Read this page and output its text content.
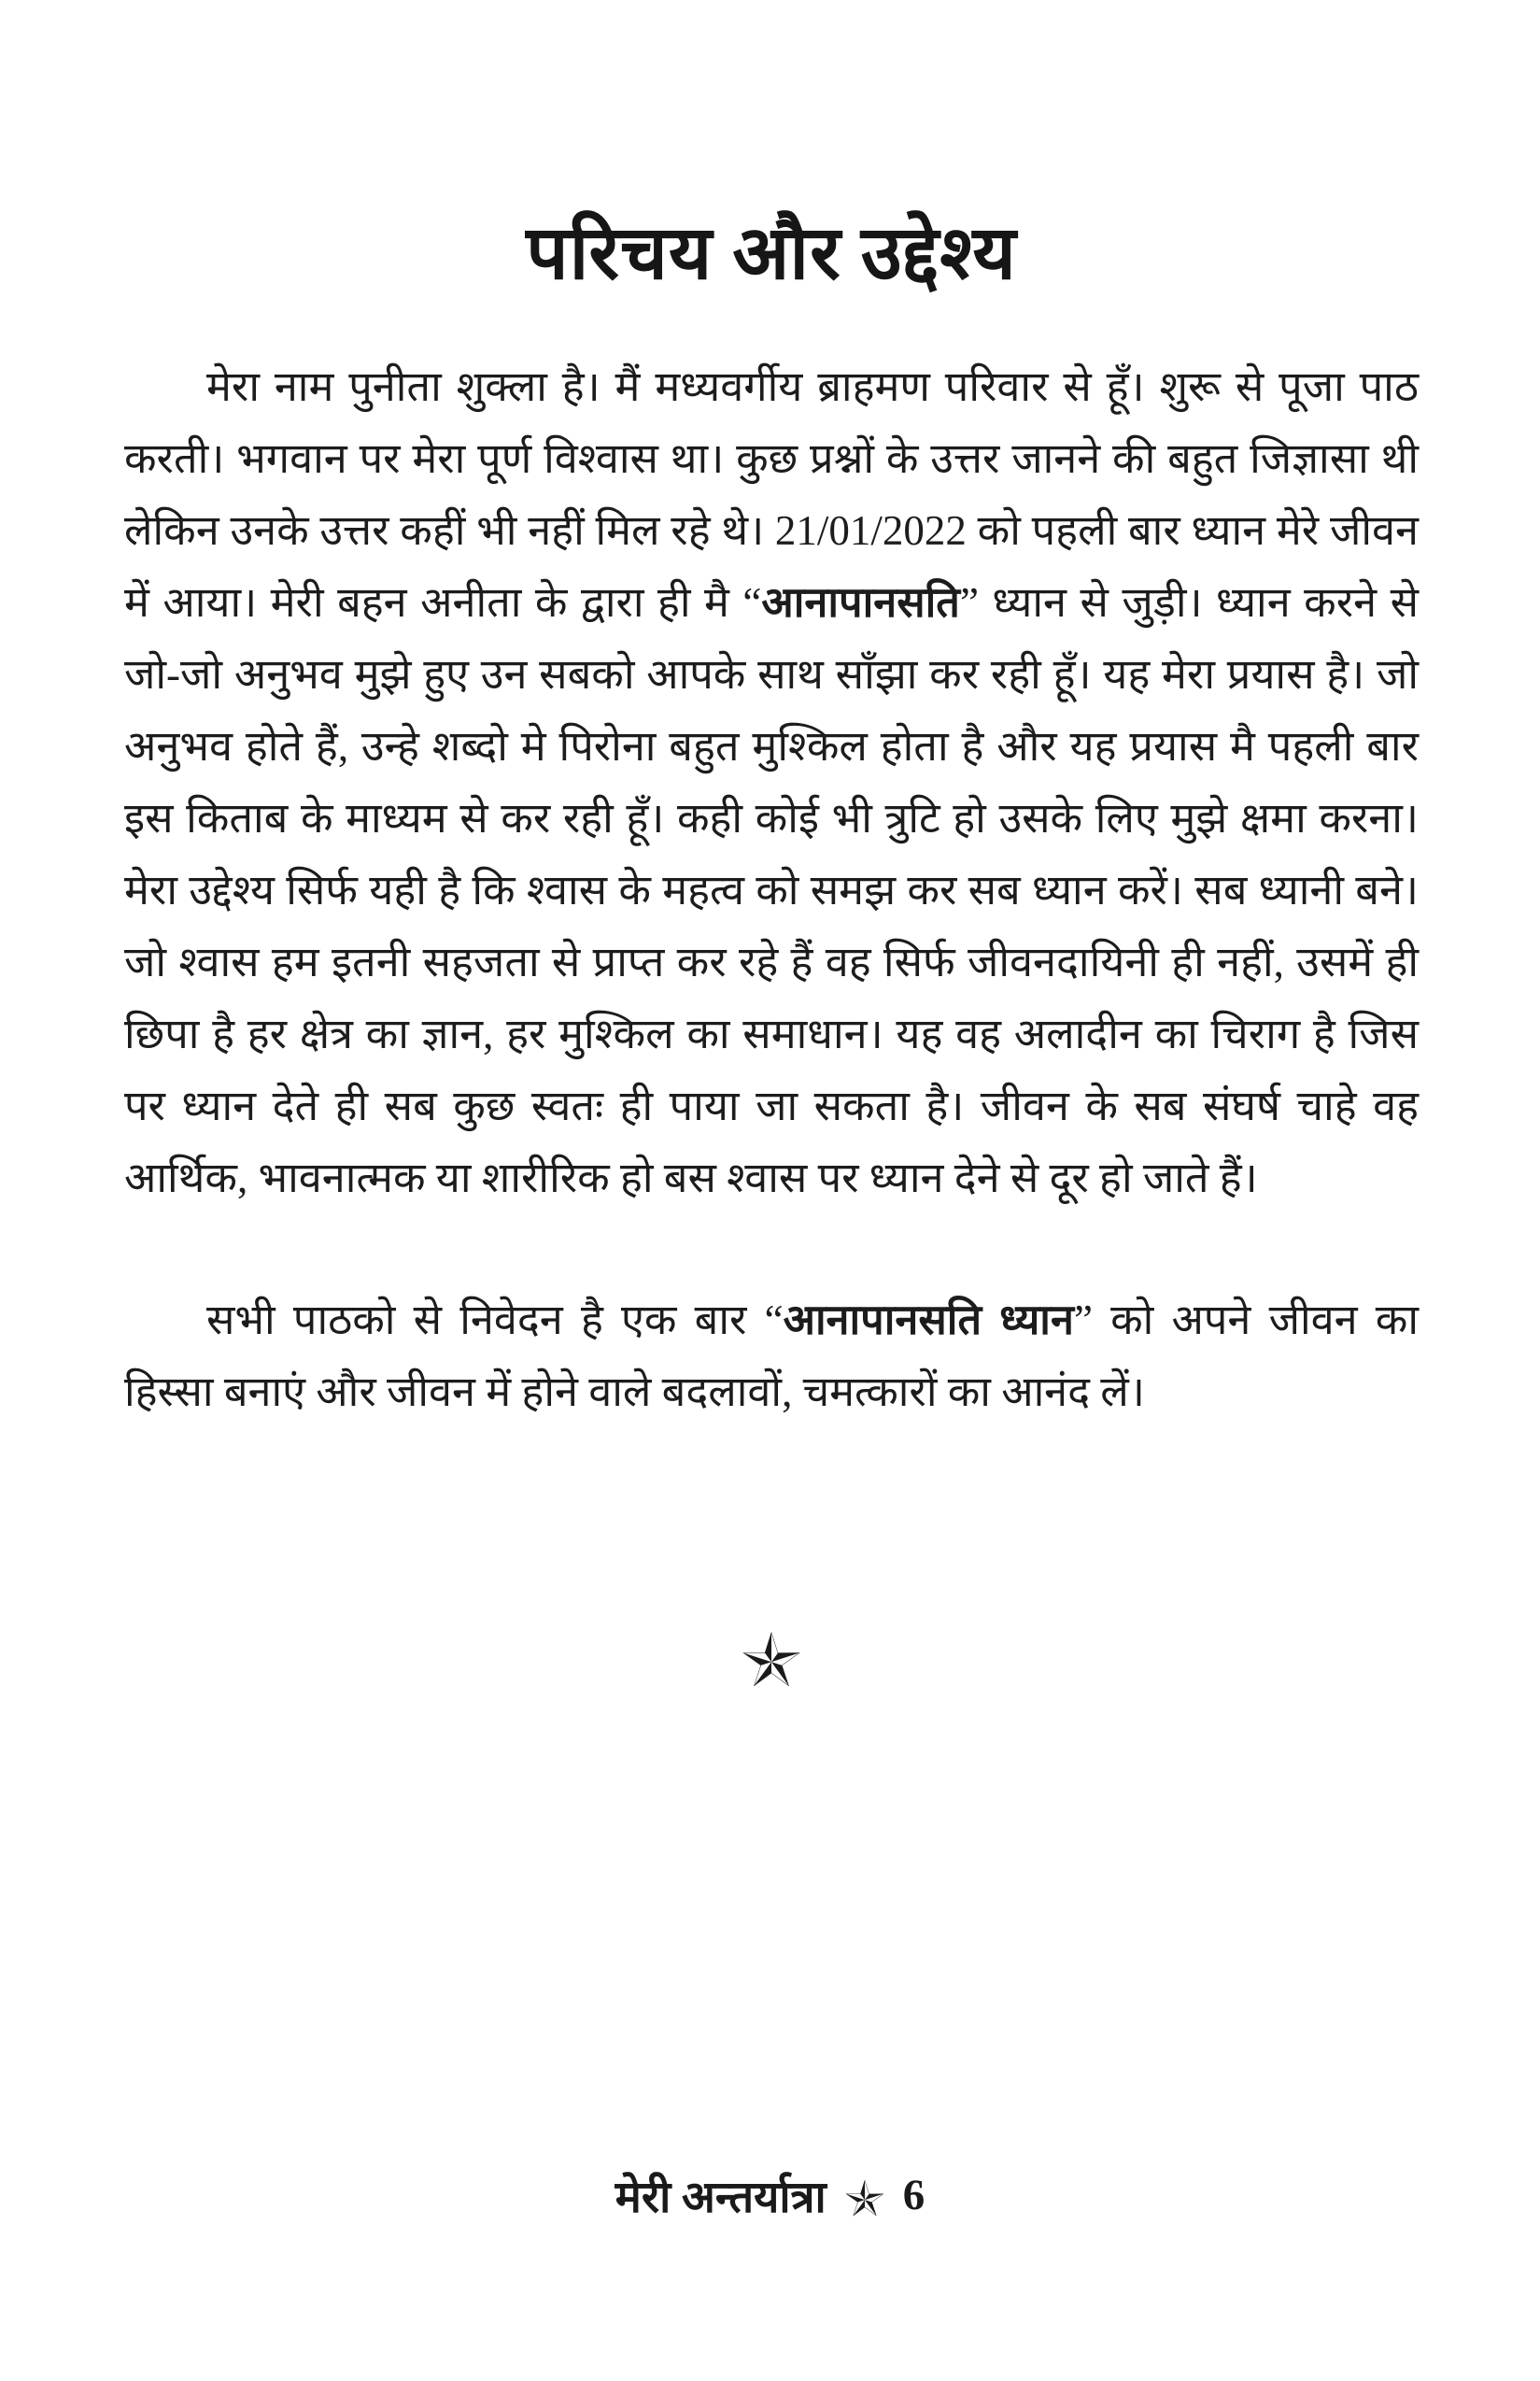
परिचय और उद्देश्य

मेरा नाम पुनीता शुक्ला है। मैं मध्यवर्गीय ब्राहमण परिवार से हूँ। शुरू से पूजा पाठ करती। भगवान पर मेरा पूर्ण विश्वास था। कुछ प्रश्नों के उत्तर जानने की बहुत जिज्ञासा थी लेकिन उनके उत्तर कहीं भी नहीं मिल रहे थे। 21/01/2022 को पहली बार ध्यान मेरे जीवन में आया। मेरी बहन अनीता के द्वारा ही मै “आनापानसति” ध्यान से जुड़ी। ध्यान करने से जो-जो अनुभव मुझे हुए उन सबको आपके साथ साँझा कर रही हूँ। यह मेरा प्रयास है। जो अनुभव होते हैं, उन्हे शब्दो मे पिरोना बहुत मुश्किल होता है और यह प्रयास मै पहली बार इस किताब के माध्यम से कर रही हूँ। कही कोई भी त्रुटि हो उसके लिए मुझे क्षमा करना। मेरा उद्देश्य सिर्फ यही है कि श्वास के महत्व को समझ कर सब ध्यान करें। सब ध्यानी बने। जो श्वास हम इतनी सहजता से प्राप्त कर रहे हैं वह सिर्फ जीवनदायिनी ही नहीं, उसमें ही छिपा है हर क्षेत्र का ज्ञान, हर मुश्किल का समाधान। यह वह अलादीन का चिराग है जिस पर ध्यान देते ही सब कुछ स्वतः ही पाया जा सकता है। जीवन के सब संघर्ष चाहे वह आर्थिक, भावनात्मक या शारीरिक हो बस श्वास पर ध्यान देने से दूर हो जाते हैं।

सभी पाठको से निवेदन है एक बार “आनापानसति ध्यान” को अपने जीवन का हिस्सा बनाएं और जीवन में होने वाले बदलावों, चमत्कारों का आनंद लें।

मेरी अन्तर्यात्रा 6
